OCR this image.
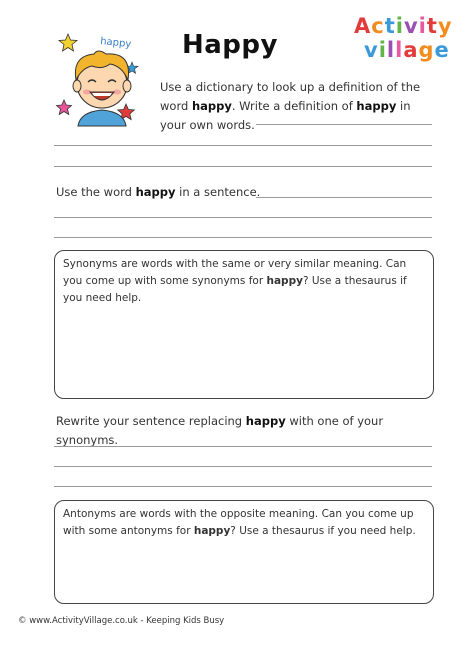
happy	Happy
Activity
village
Use a dictionary to look up a definition of the word happy. Write a definition of happy in your own words.
Use the word happy in a sentence.
Synonyms are words with the same or very similar meaning. Can you come up with some synonyms for happy? Use a thesaurus if you need help.
Rewrite your sentence replacing happy with one of your synonyms.
Antonyms are words with the opposite meaning. Can you come up with some antonyms for happy? Use a thesaurus if you need help.
© www.ActivityVillage.co.uk - Keeping Kids Busy
